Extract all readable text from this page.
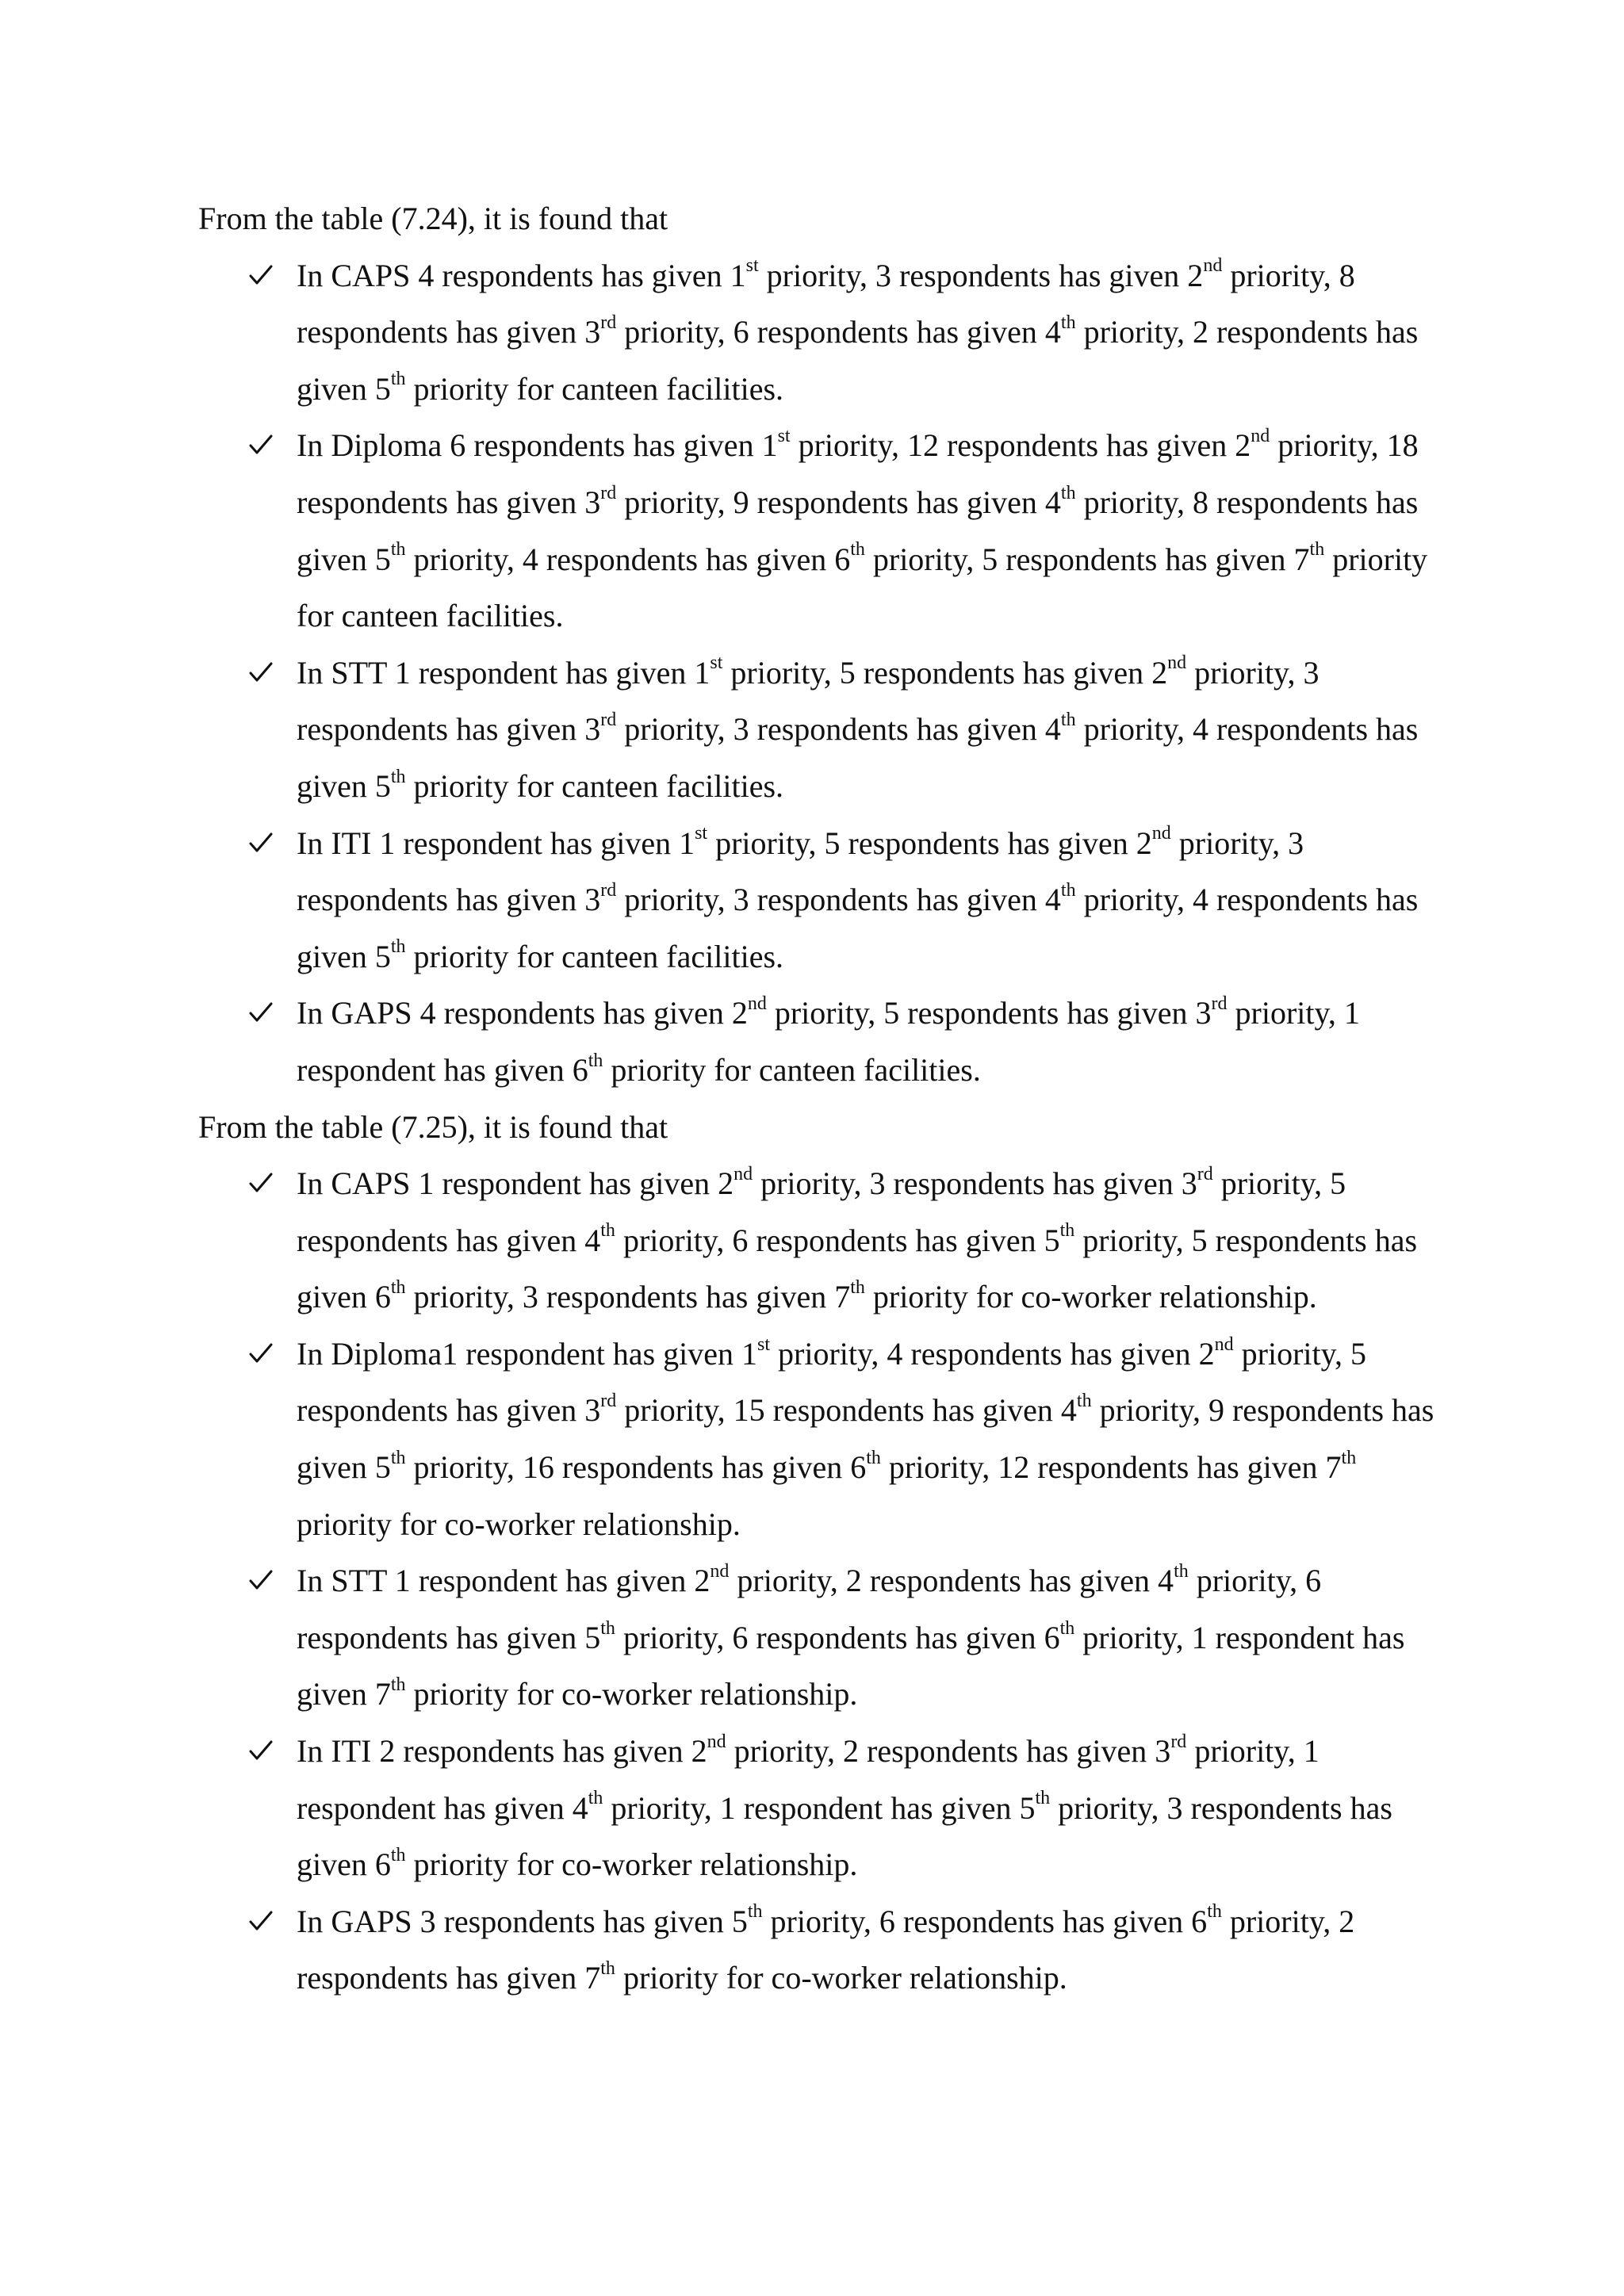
From the table (7.24), it is found that

In CAPS 4 respondents has given 1st priority, 3 respondents has given 2nd priority, 8 respondents has given 3rd priority, 6 respondents has given 4th priority, 2 respondents has given 5th priority for canteen facilities.
In Diploma 6 respondents has given 1st priority, 12 respondents has given 2nd priority, 18 respondents has given 3rd priority, 9 respondents has given 4th priority, 8 respondents has given 5th priority, 4 respondents has given 6th priority, 5 respondents has given 7th priority for canteen facilities.
In STT 1 respondent has given 1st priority, 5 respondents has given 2nd priority, 3 respondents has given 3rd priority, 3 respondents has given 4th priority, 4 respondents has given 5th priority for canteen facilities.
In ITI 1 respondent has given 1st priority, 5 respondents has given 2nd priority, 3 respondents has given 3rd priority, 3 respondents has given 4th priority, 4 respondents has given 5th priority for canteen facilities.
In GAPS 4 respondents has given 2nd priority, 5 respondents has given 3rd priority, 1 respondent has given 6th priority for canteen facilities.

From the table (7.25), it is found that

In CAPS 1 respondent has given 2nd priority, 3 respondents has given 3rd priority, 5 respondents has given 4th priority, 6 respondents has given 5th priority, 5 respondents has given 6th priority, 3 respondents has given 7th priority for co-worker relationship.
In Diploma1 respondent has given 1st priority, 4 respondents has given 2nd priority, 5 respondents has given 3rd priority, 15 respondents has given 4th priority, 9 respondents has given 5th priority, 16 respondents has given 6th priority, 12 respondents has given 7th priority for co-worker relationship.
In STT 1 respondent has given 2nd priority, 2 respondents has given 4th priority, 6 respondents has given 5th priority, 6 respondents has given 6th priority, 1 respondent has given 7th priority for co-worker relationship.
In ITI 2 respondents has given 2nd priority, 2 respondents has given 3rd priority, 1 respondent has given 4th priority, 1 respondent has given 5th priority, 3 respondents has given 6th priority for co-worker relationship.
In GAPS 3 respondents has given 5th priority, 6 respondents has given 6th priority, 2 respondents has given 7th priority for co-worker relationship.
